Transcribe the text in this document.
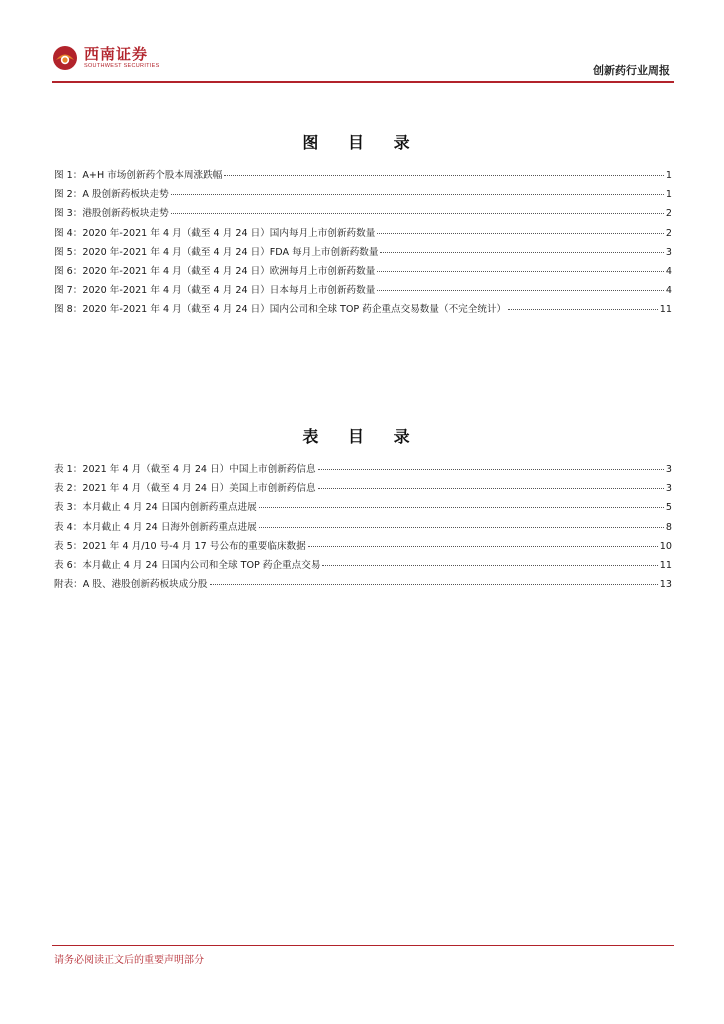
西南证券
SOUTHWEST SECURITIES	创新药行业周报
图 目 录
图 1：A+H 市场创新药个股本周涨跌幅	1
图 2：A 股创新药板块走势	1
图 3：港股创新药板块走势	2
图 4：2020 年-2021 年 4 月（截至 4 月 24 日）国内每月上市创新药数量	2
图 5：2020 年-2021 年 4 月（截至 4 月 24 日）FDA 每月上市创新药数量	3
图 6：2020 年-2021 年 4 月（截至 4 月 24 日）欧洲每月上市创新药数量	4
图 7：2020 年-2021 年 4 月（截至 4 月 24 日）日本每月上市创新药数量	4
图 8：2020 年-2021 年 4 月（截至 4 月 24 日）国内公司和全球 TOP 药企重点交易数量（不完全统计）	11
表 目 录
表 1：2021 年 4 月（截至 4 月 24 日）中国上市创新药信息	3
表 2：2021 年 4 月（截至 4 月 24 日）美国上市创新药信息	3
表 3：本月截止 4 月 24 日国内创新药重点进展	5
表 4：本月截止 4 月 24 日海外创新药重点进展	8
表 5：2021 年 4 月/10 号-4 月 17 号公布的重要临床数据	10
表 6：本月截止 4 月 24 日国内公司和全球 TOP 药企重点交易	11
附表：A 股、港股创新药板块成分股	13
请务必阅读正文后的重要声明部分
